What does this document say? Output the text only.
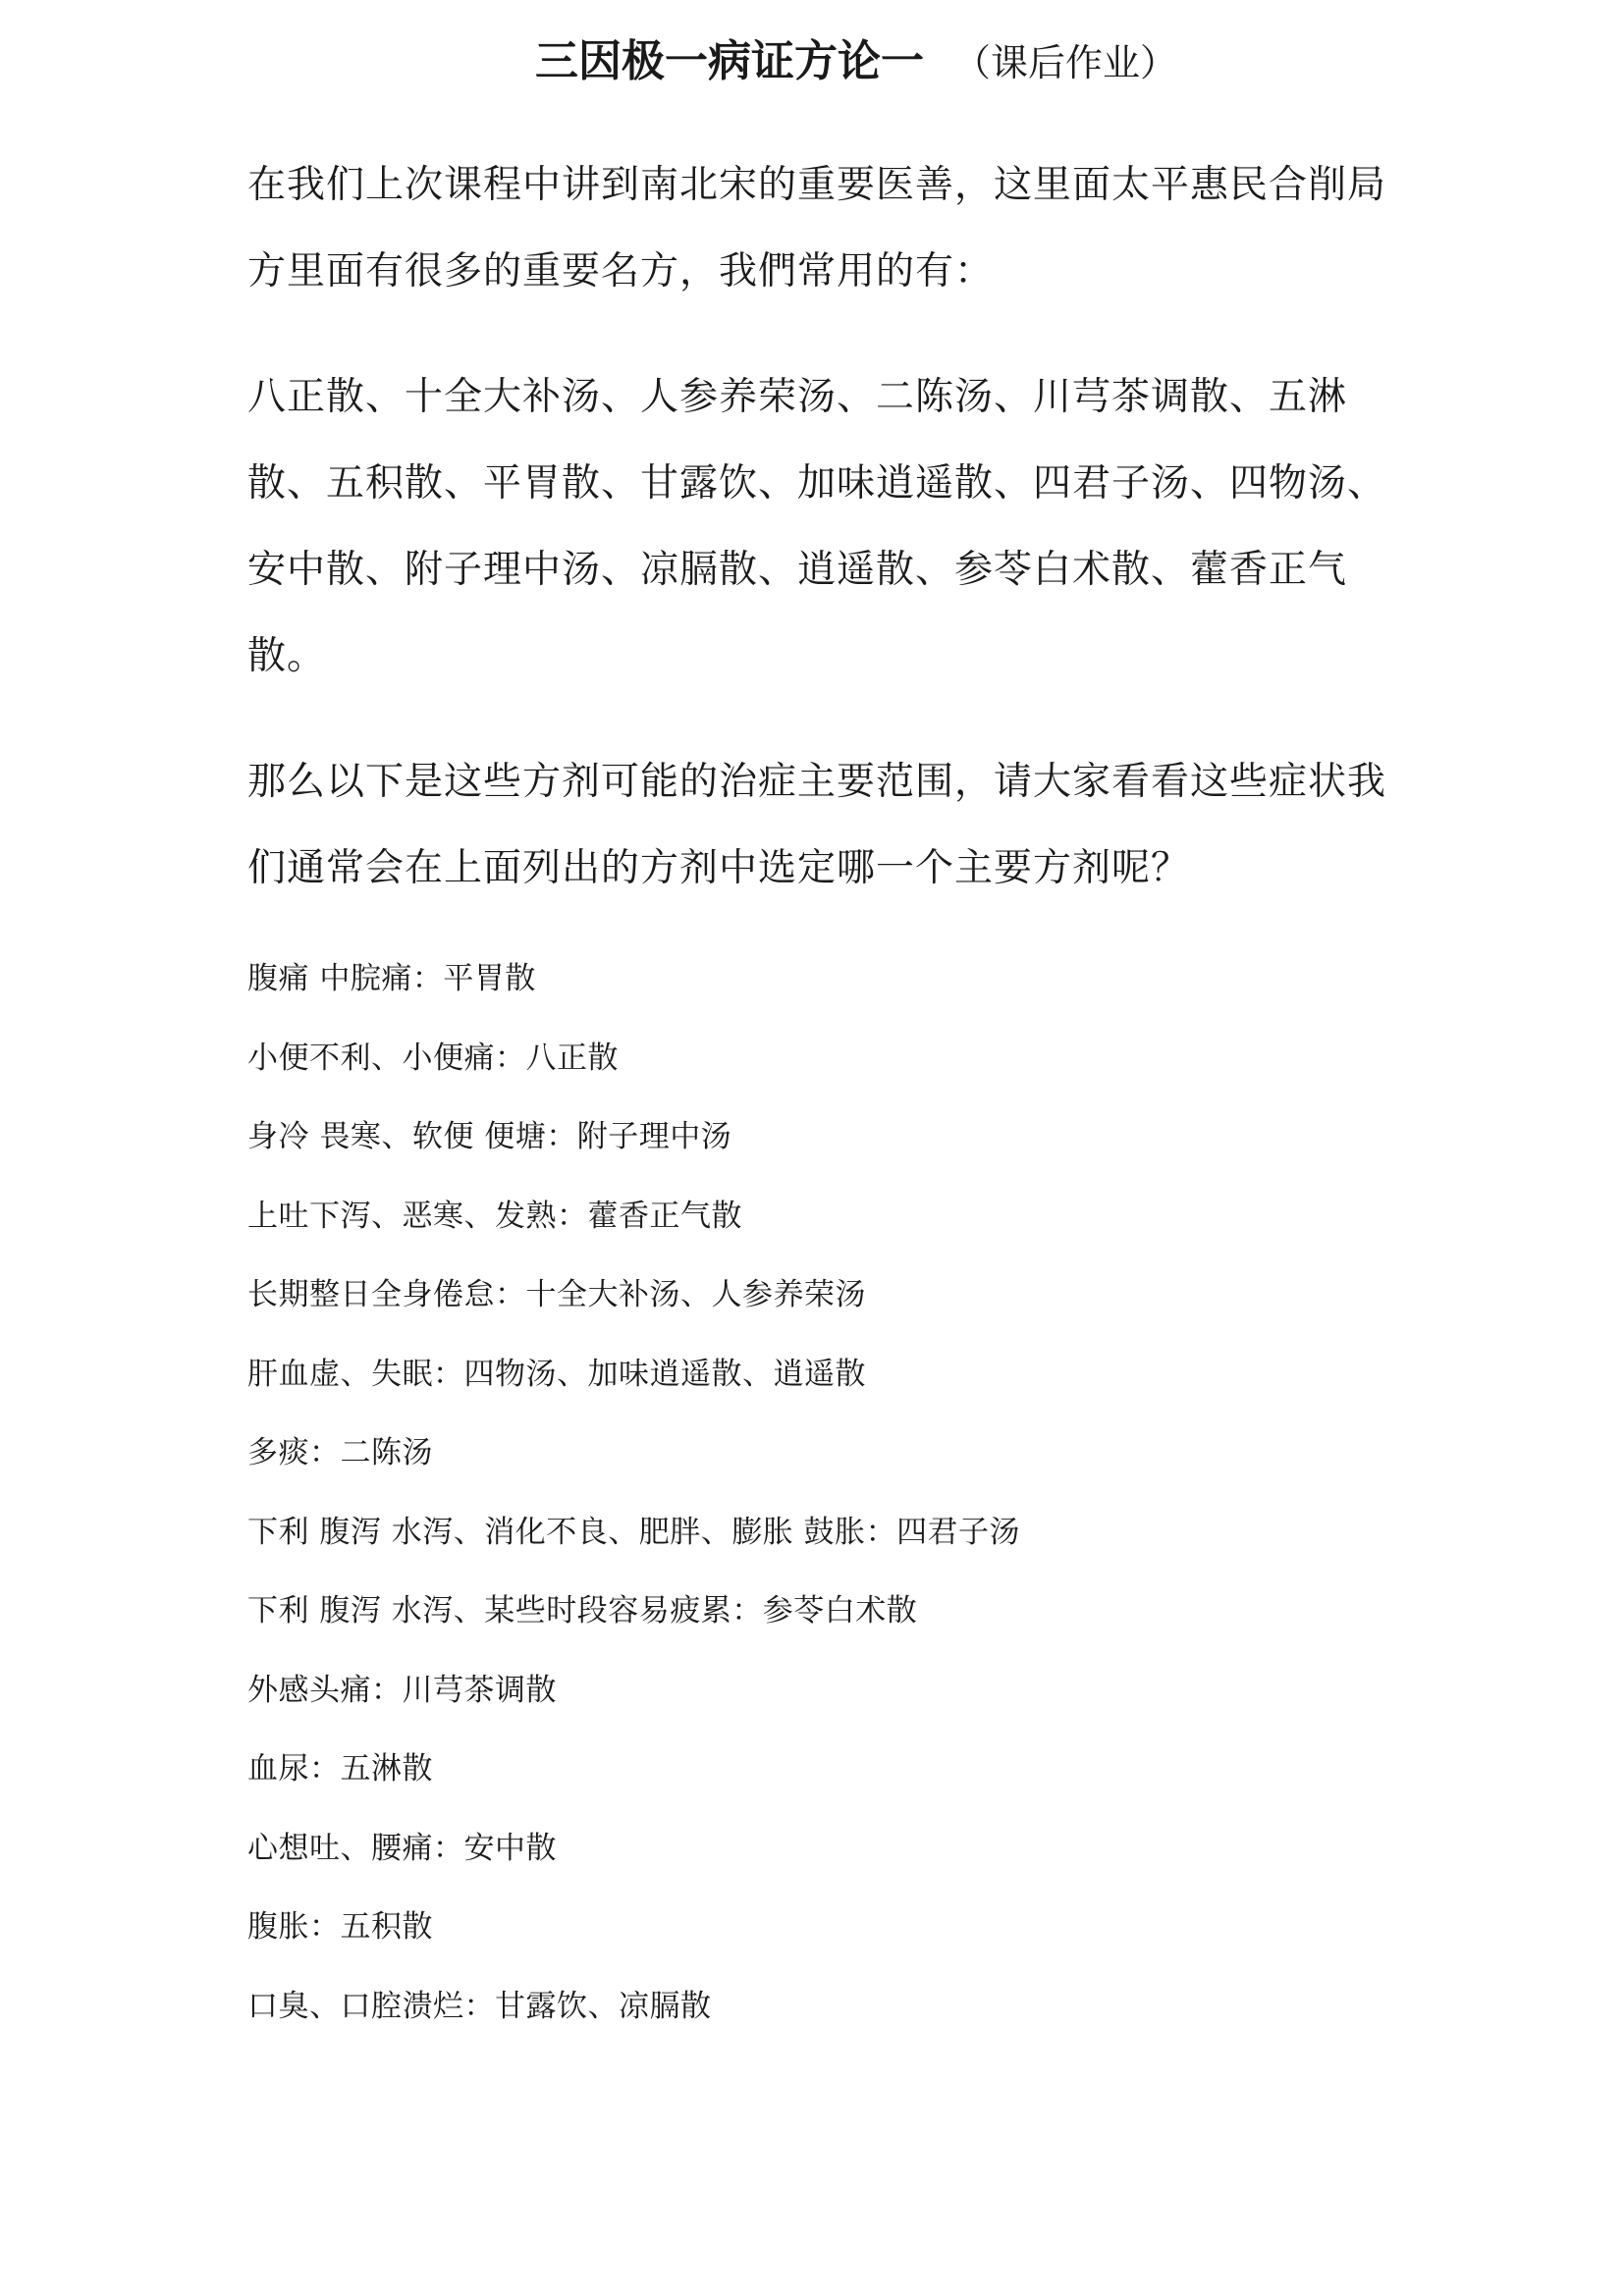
三因极一病证方论一 （课后作业）

在我们上次课程中讲到南北宋的重要医善，这里面太平惠民合削局方里面有很多的重要名方，我們常用的有：

八正散、十全大补汤、人参养荣汤、二陈汤、川芎茶调散、五淋散、五积散、平胃散、甘露饮、加味逍遥散、四君子汤、四物汤、安中散、附子理中汤、凉膈散、逍遥散、参苓白术散、藿香正气散。

那么以下是这些方剂可能的治症主要范围，请大家看看这些症状我们通常会在上面列出的方剂中选定哪一个主要方剂呢？

腹痛 中脘痛：平胃散
小便不利、小便痛：八正散
身冷 畏寒、软便 便塘：附子理中汤
上吐下泻、恶寒、发熟：藿香正气散
长期整日全身倦怠：十全大补汤、人参养荣汤
肝血虚、失眠：四物汤、加味逍遥散、逍遥散
多痰：二陈汤
下利 腹泻 水泻、消化不良、肥胖、膨胀 鼓胀：四君子汤
下利 腹泻 水泻、某些时段容易疲累：参苓白术散
外感头痛：川芎茶调散
血尿：五淋散
心想吐、腰痛：安中散
腹胀：五积散
口臭、口腔溃烂：甘露饮、凉膈散
